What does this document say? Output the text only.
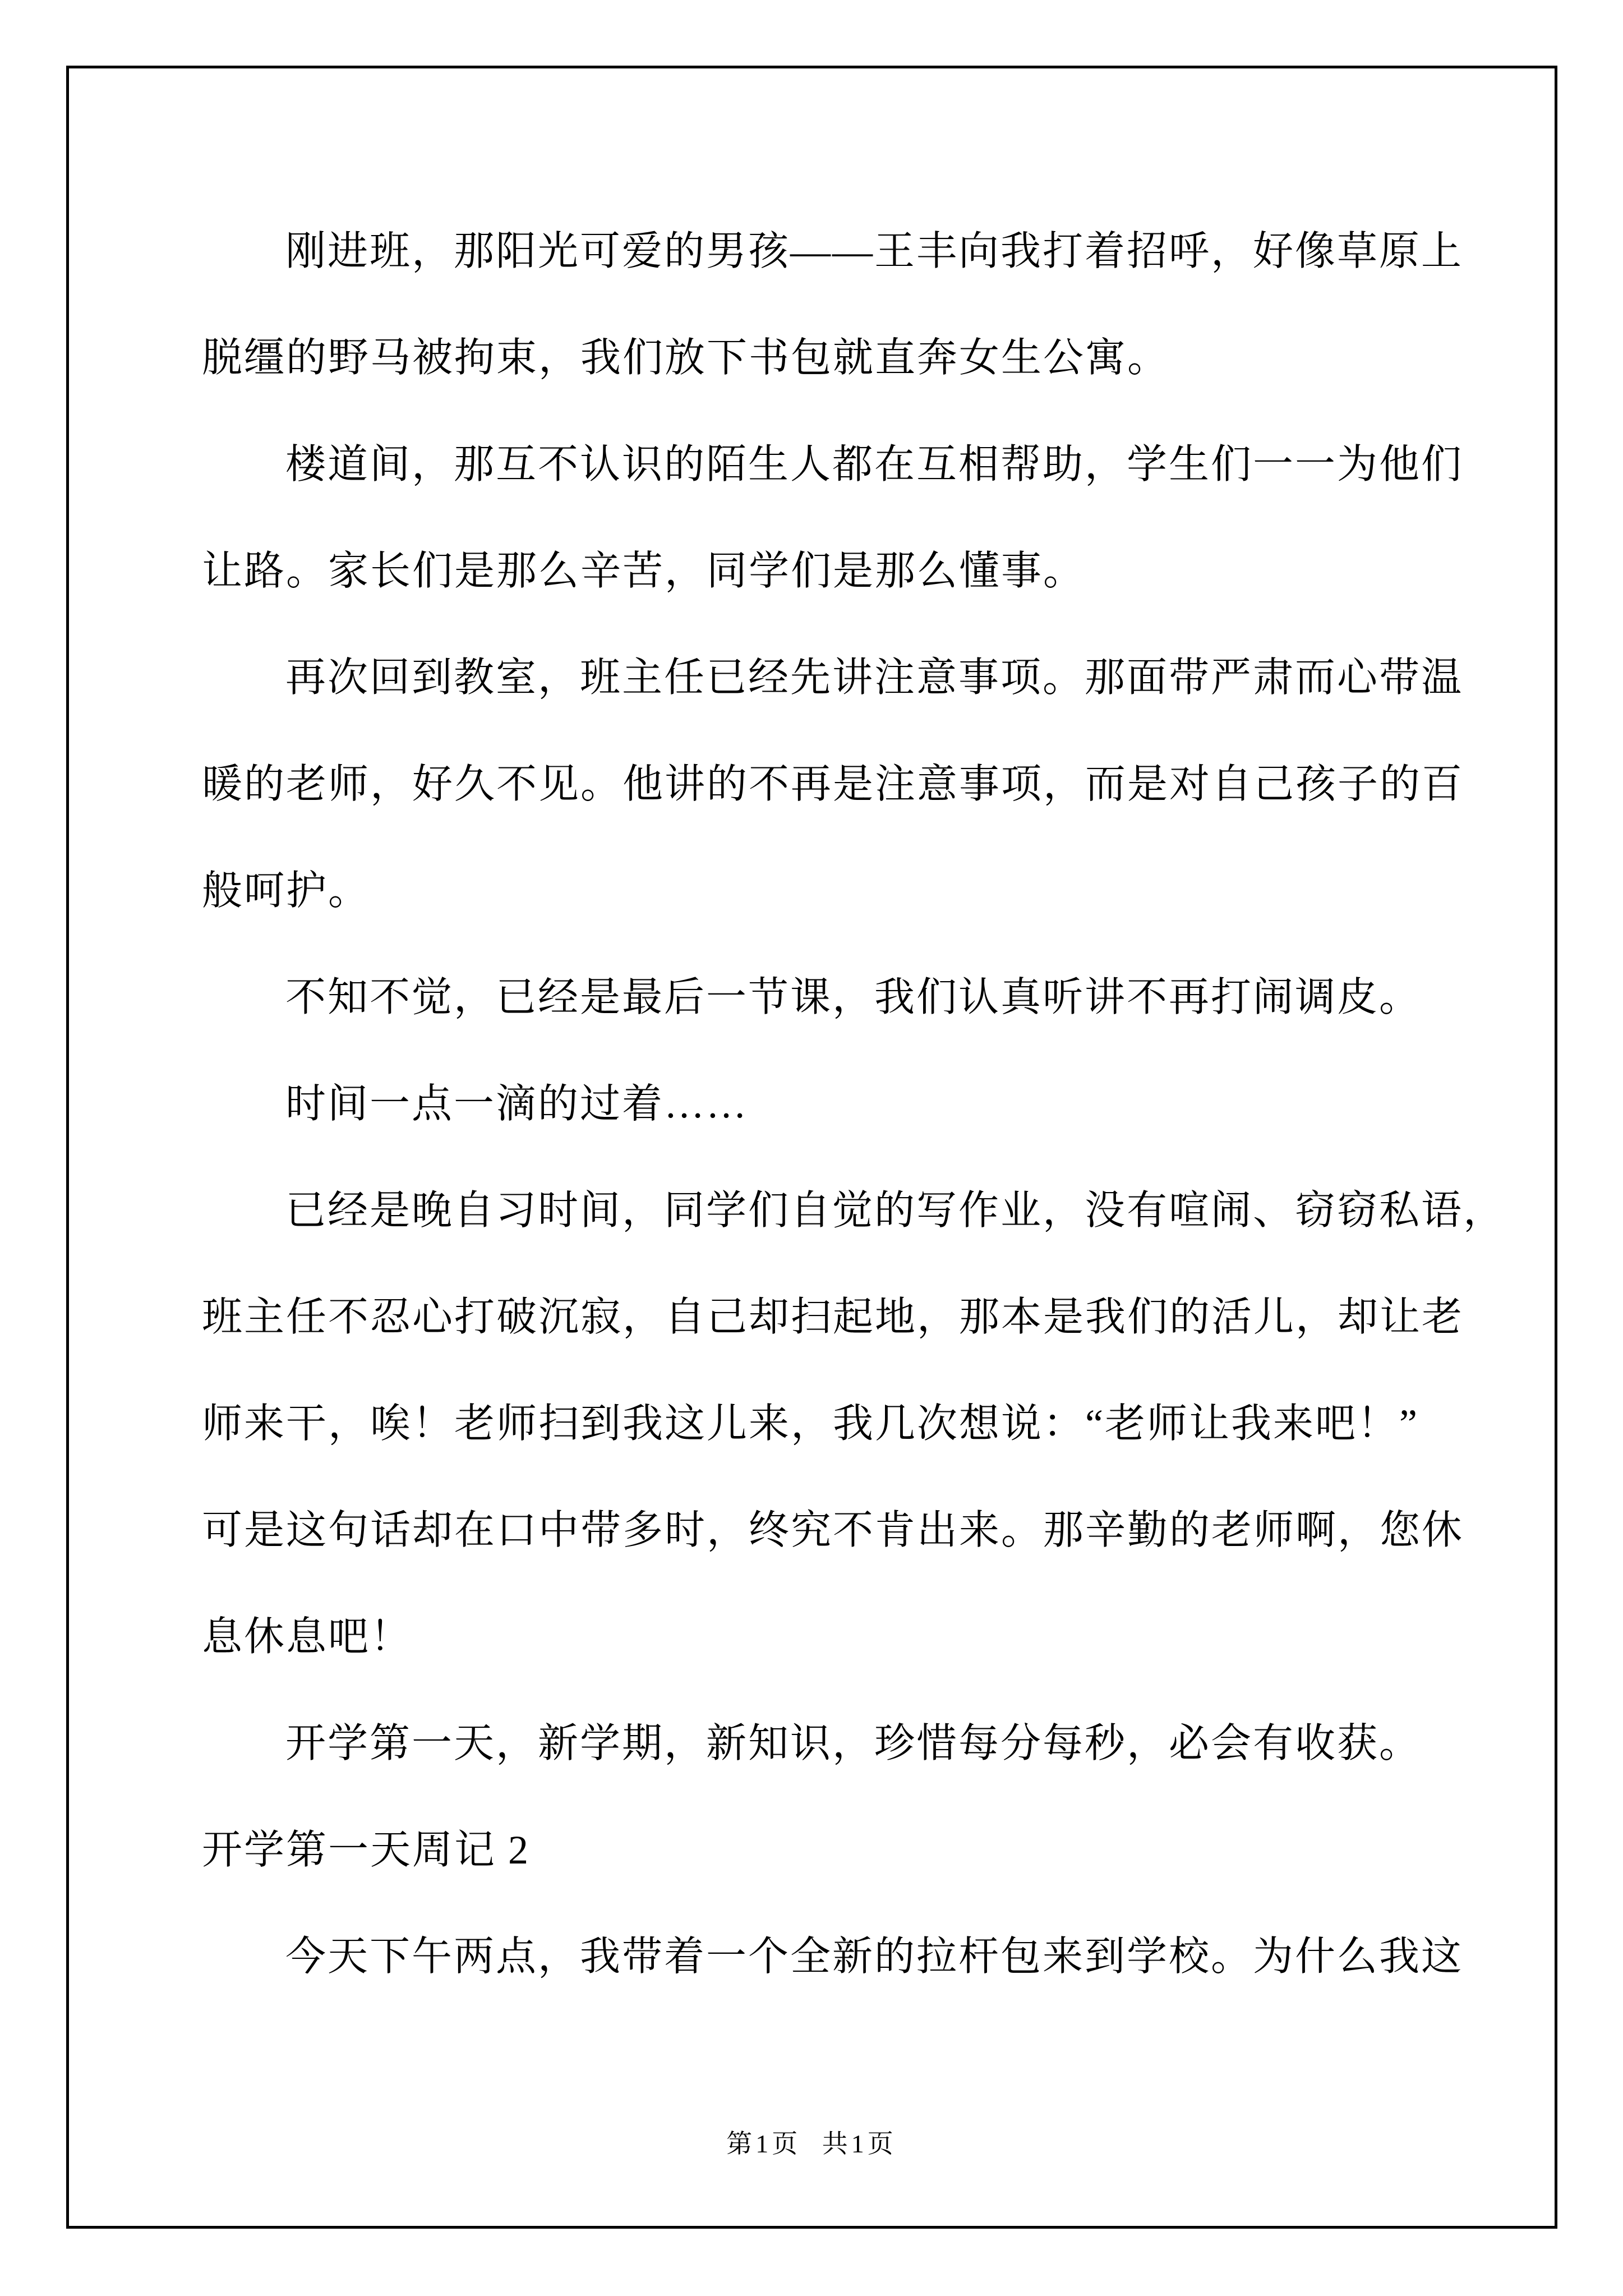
刚进班，那阳光可爱的男孩——王丰向我打着招呼，好像草原上
脱缰的野马被拘束，我们放下书包就直奔女生公寓。
楼道间，那互不认识的陌生人都在互相帮助，学生们一一为他们
让路。家长们是那么辛苦，同学们是那么懂事。
再次回到教室，班主任已经先讲注意事项。那面带严肃而心带温
暖的老师，好久不见。他讲的不再是注意事项，而是对自己孩子的百
般呵护。
不知不觉，已经是最后一节课，我们认真听讲不再打闹调皮。
时间一点一滴的过着……
已经是晚自习时间，同学们自觉的写作业，没有喧闹、窃窃私语，
班主任不忍心打破沉寂，自己却扫起地，那本是我们的活儿，却让老
师来干，唉！老师扫到我这儿来，我几次想说：“老师让我来吧！”
可是这句话却在口中带多时，终究不肯出来。那辛勤的老师啊，您休
息休息吧！
开学第一天，新学期，新知识，珍惜每分每秒，必会有收获。
开学第一天周记 2
今天下午两点，我带着一个全新的拉杆包来到学校。为什么我这
第1页 共1页
